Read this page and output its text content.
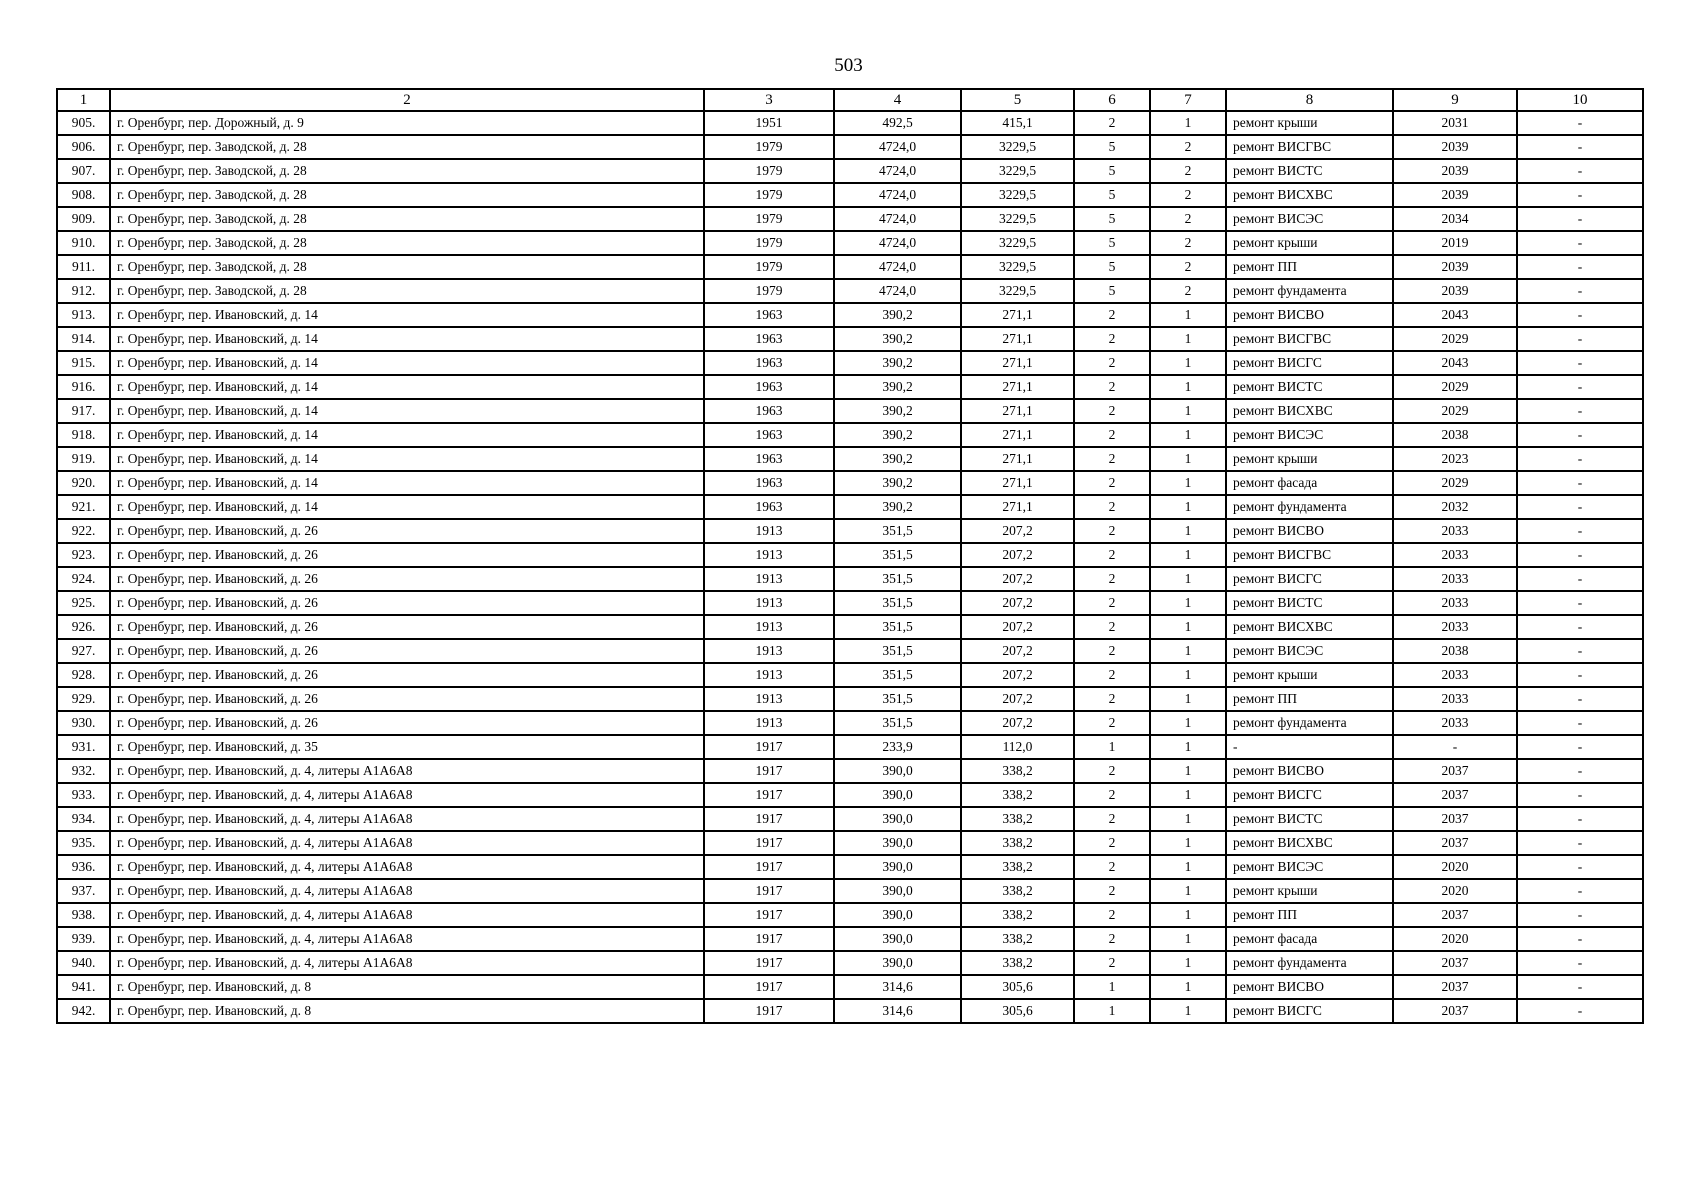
503
1	2	3	4	5	6	7	8	9	10
905.	г. Оренбург, пер. Дорожный, д. 9	1951	492,5	415,1	2	1	ремонт крыши	2031	-
906.	г. Оренбург, пер. Заводской, д. 28	1979	4724,0	3229,5	5	2	ремонт ВИСГВС	2039	-
907.	г. Оренбург, пер. Заводской, д. 28	1979	4724,0	3229,5	5	2	ремонт ВИСТС	2039	-
908.	г. Оренбург, пер. Заводской, д. 28	1979	4724,0	3229,5	5	2	ремонт ВИСХВС	2039	-
909.	г. Оренбург, пер. Заводской, д. 28	1979	4724,0	3229,5	5	2	ремонт ВИСЭС	2034	-
910.	г. Оренбург, пер. Заводской, д. 28	1979	4724,0	3229,5	5	2	ремонт крыши	2019	-
911.	г. Оренбург, пер. Заводской, д. 28	1979	4724,0	3229,5	5	2	ремонт ПП	2039	-
912.	г. Оренбург, пер. Заводской, д. 28	1979	4724,0	3229,5	5	2	ремонт фундамента	2039	-
913.	г. Оренбург, пер. Ивановский, д. 14	1963	390,2	271,1	2	1	ремонт ВИСВО	2043	-
914.	г. Оренбург, пер. Ивановский, д. 14	1963	390,2	271,1	2	1	ремонт ВИСГВС	2029	-
915.	г. Оренбург, пер. Ивановский, д. 14	1963	390,2	271,1	2	1	ремонт ВИСГС	2043	-
916.	г. Оренбург, пер. Ивановский, д. 14	1963	390,2	271,1	2	1	ремонт ВИСТС	2029	-
917.	г. Оренбург, пер. Ивановский, д. 14	1963	390,2	271,1	2	1	ремонт ВИСХВС	2029	-
918.	г. Оренбург, пер. Ивановский, д. 14	1963	390,2	271,1	2	1	ремонт ВИСЭС	2038	-
919.	г. Оренбург, пер. Ивановский, д. 14	1963	390,2	271,1	2	1	ремонт крыши	2023	-
920.	г. Оренбург, пер. Ивановский, д. 14	1963	390,2	271,1	2	1	ремонт фасада	2029	-
921.	г. Оренбург, пер. Ивановский, д. 14	1963	390,2	271,1	2	1	ремонт фундамента	2032	-
922.	г. Оренбург, пер. Ивановский, д. 26	1913	351,5	207,2	2	1	ремонт ВИСВО	2033	-
923.	г. Оренбург, пер. Ивановский, д. 26	1913	351,5	207,2	2	1	ремонт ВИСГВС	2033	-
924.	г. Оренбург, пер. Ивановский, д. 26	1913	351,5	207,2	2	1	ремонт ВИСГС	2033	-
925.	г. Оренбург, пер. Ивановский, д. 26	1913	351,5	207,2	2	1	ремонт ВИСТС	2033	-
926.	г. Оренбург, пер. Ивановский, д. 26	1913	351,5	207,2	2	1	ремонт ВИСХВС	2033	-
927.	г. Оренбург, пер. Ивановский, д. 26	1913	351,5	207,2	2	1	ремонт ВИСЭС	2038	-
928.	г. Оренбург, пер. Ивановский, д. 26	1913	351,5	207,2	2	1	ремонт крыши	2033	-
929.	г. Оренбург, пер. Ивановский, д. 26	1913	351,5	207,2	2	1	ремонт ПП	2033	-
930.	г. Оренбург, пер. Ивановский, д. 26	1913	351,5	207,2	2	1	ремонт фундамента	2033	-
931.	г. Оренбург, пер. Ивановский, д. 35	1917	233,9	112,0	1	1	-	-	-
932.	г. Оренбург, пер. Ивановский, д. 4, литеры А1А6А8	1917	390,0	338,2	2	1	ремонт ВИСВО	2037	-
933.	г. Оренбург, пер. Ивановский, д. 4, литеры А1А6А8	1917	390,0	338,2	2	1	ремонт ВИСГС	2037	-
934.	г. Оренбург, пер. Ивановский, д. 4, литеры А1А6А8	1917	390,0	338,2	2	1	ремонт ВИСТС	2037	-
935.	г. Оренбург, пер. Ивановский, д. 4, литеры А1А6А8	1917	390,0	338,2	2	1	ремонт ВИСХВС	2037	-
936.	г. Оренбург, пер. Ивановский, д. 4, литеры А1А6А8	1917	390,0	338,2	2	1	ремонт ВИСЭС	2020	-
937.	г. Оренбург, пер. Ивановский, д. 4, литеры А1А6А8	1917	390,0	338,2	2	1	ремонт крыши	2020	-
938.	г. Оренбург, пер. Ивановский, д. 4, литеры А1А6А8	1917	390,0	338,2	2	1	ремонт ПП	2037	-
939.	г. Оренбург, пер. Ивановский, д. 4, литеры А1А6А8	1917	390,0	338,2	2	1	ремонт фасада	2020	-
940.	г. Оренбург, пер. Ивановский, д. 4, литеры А1А6А8	1917	390,0	338,2	2	1	ремонт фундамента	2037	-
941.	г. Оренбург, пер. Ивановский, д. 8	1917	314,6	305,6	1	1	ремонт ВИСВО	2037	-
942.	г. Оренбург, пер. Ивановский, д. 8	1917	314,6	305,6	1	1	ремонт ВИСГС	2037	-
